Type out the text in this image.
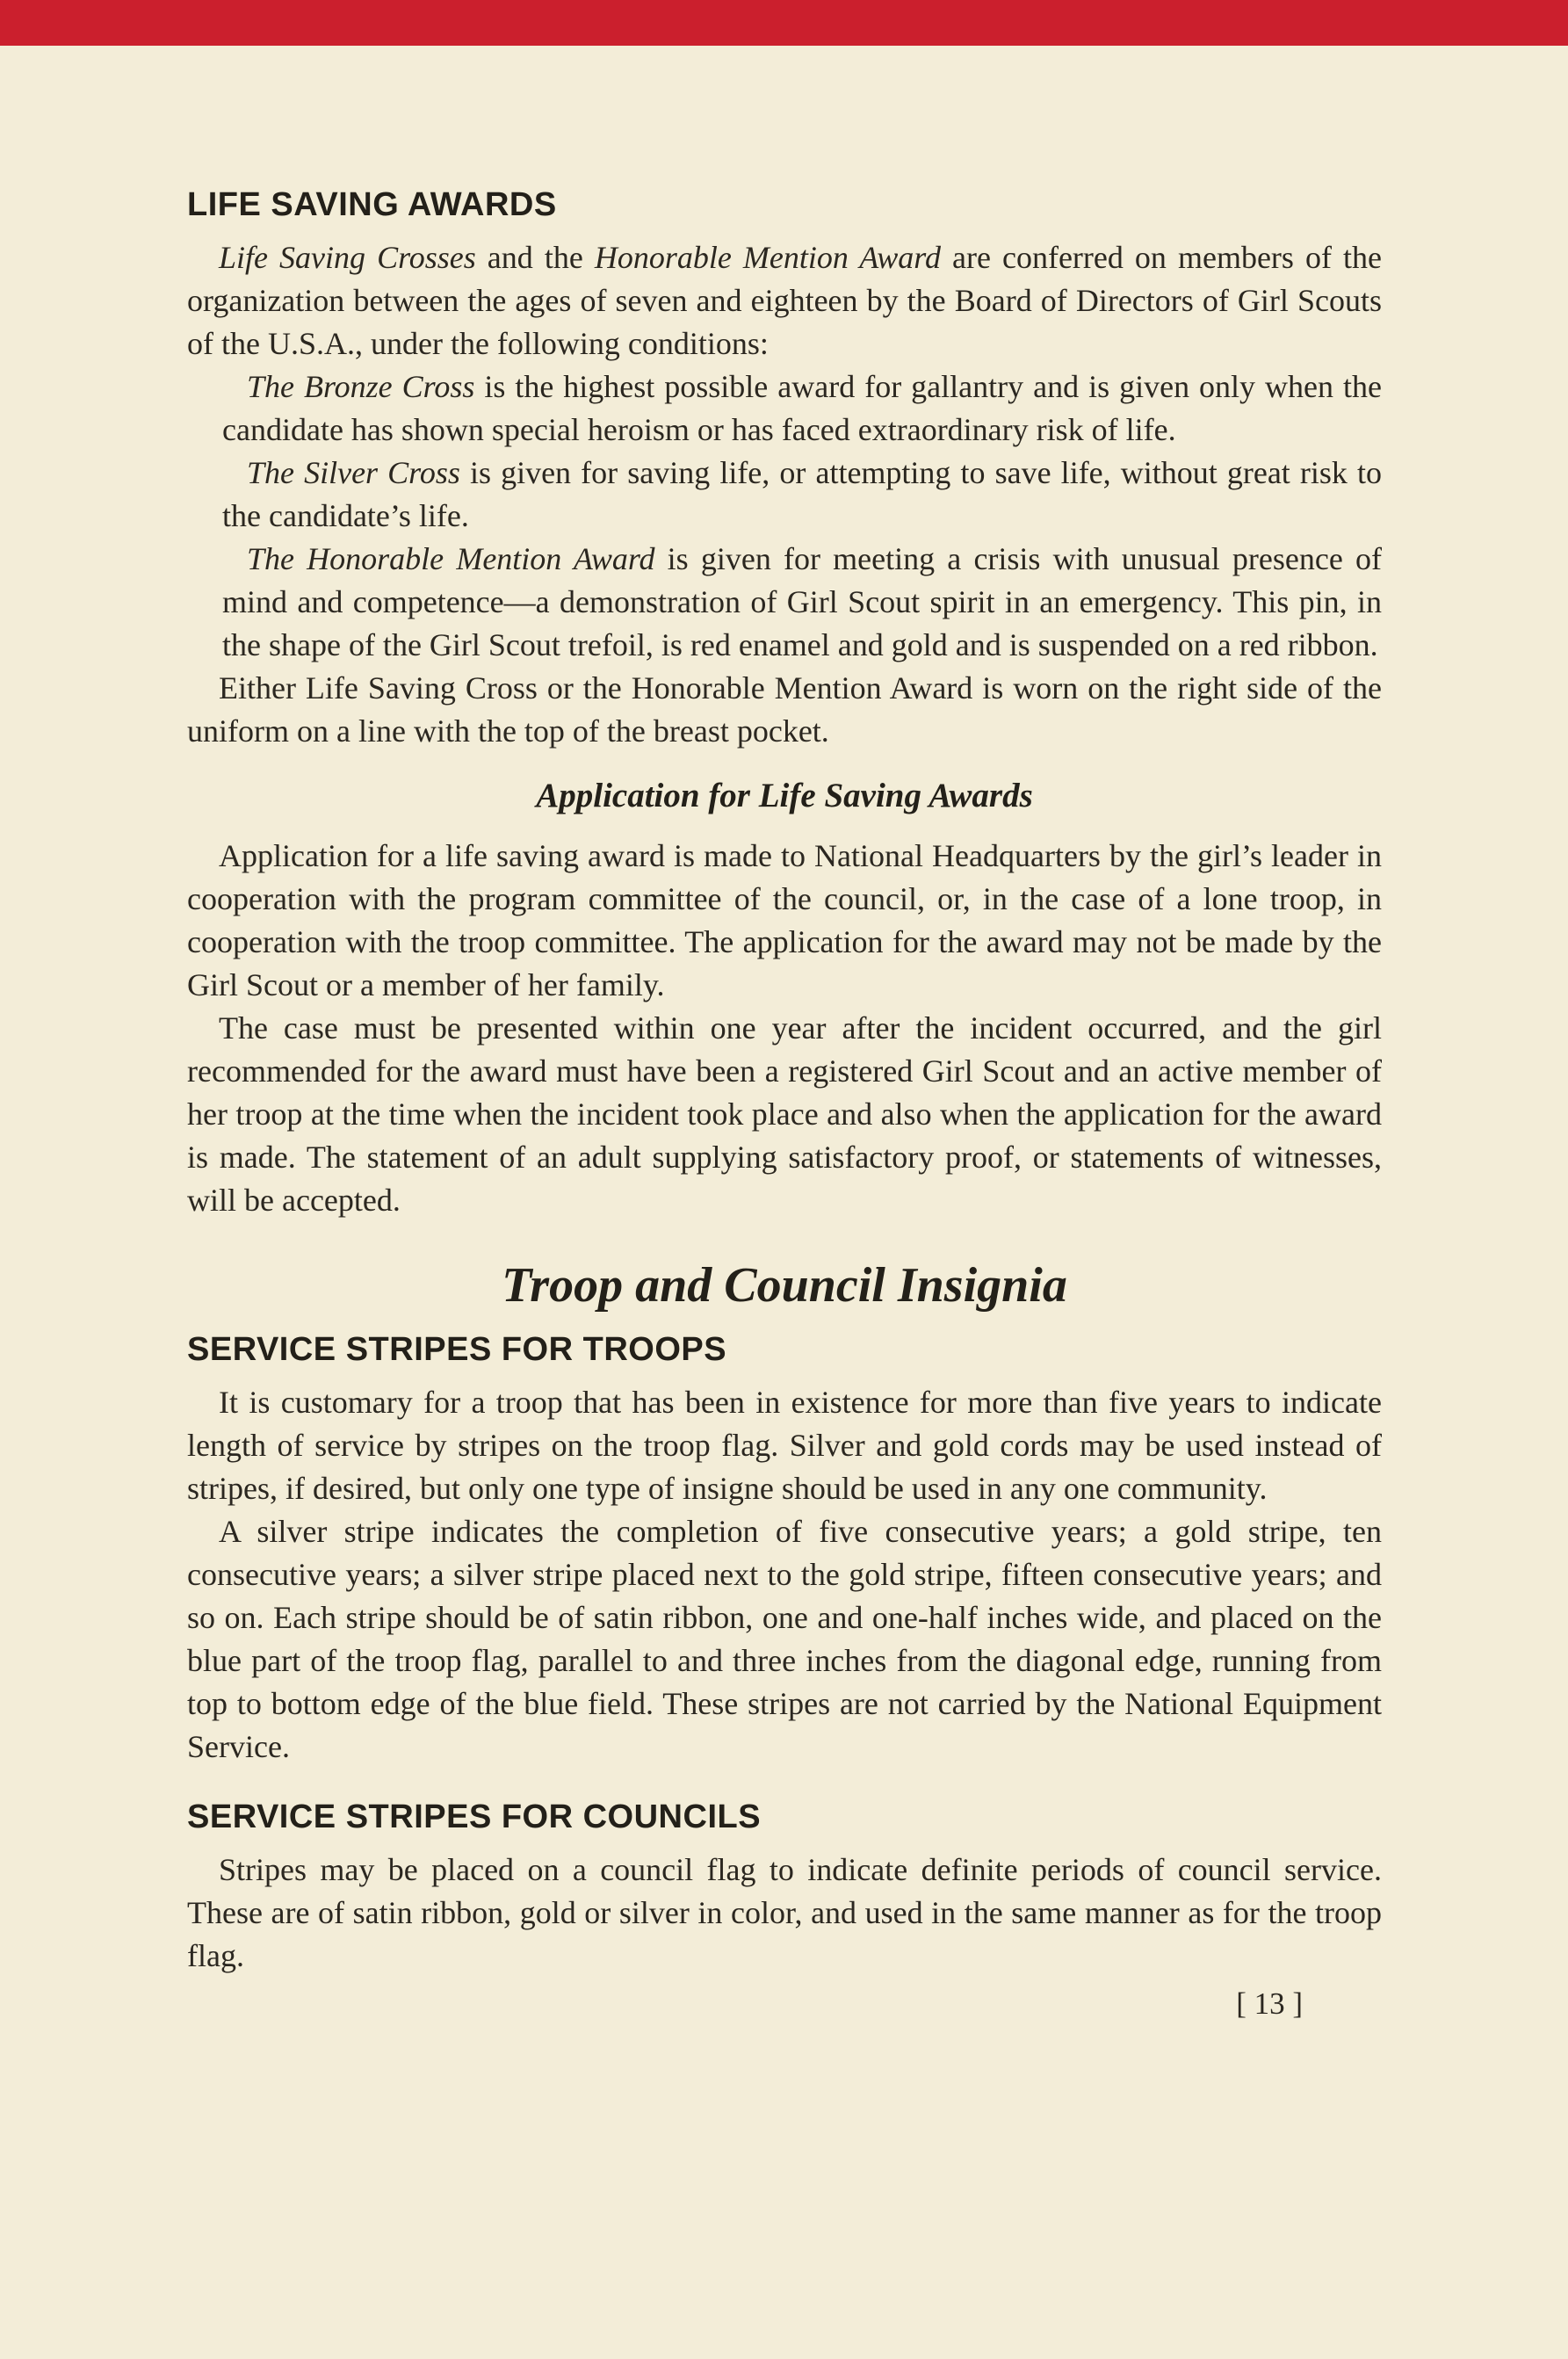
LIFE SAVING AWARDS

Life Saving Crosses and the Honorable Mention Award are conferred on members of the organization between the ages of seven and eighteen by the Board of Directors of Girl Scouts of the U.S.A., under the following conditions:

The Bronze Cross is the highest possible award for gallantry and is given only when the candidate has shown special heroism or has faced extraordinary risk of life.

The Silver Cross is given for saving life, or attempting to save life, without great risk to the candidate’s life.

The Honorable Mention Award is given for meeting a crisis with unusual presence of mind and competence—a demonstration of Girl Scout spirit in an emergency. This pin, in the shape of the Girl Scout trefoil, is red enamel and gold and is suspended on a red ribbon.

Either Life Saving Cross or the Honorable Mention Award is worn on the right side of the uniform on a line with the top of the breast pocket.

Application for Life Saving Awards

Application for a life saving award is made to National Headquarters by the girl’s leader in cooperation with the program committee of the council, or, in the case of a lone troop, in cooperation with the troop committee. The application for the award may not be made by the Girl Scout or a member of her family.

The case must be presented within one year after the incident occurred, and the girl recommended for the award must have been a registered Girl Scout and an active member of her troop at the time when the incident took place and also when the application for the award is made. The statement of an adult supplying satisfactory proof, or statements of witnesses, will be accepted.

Troop and Council Insignia
SERVICE STRIPES FOR TROOPS

It is customary for a troop that has been in existence for more than five years to indicate length of service by stripes on the troop flag. Silver and gold cords may be used instead of stripes, if desired, but only one type of insigne should be used in any one community.

A silver stripe indicates the completion of five consecutive years; a gold stripe, ten consecutive years; a silver stripe placed next to the gold stripe, fifteen consecutive years; and so on. Each stripe should be of satin ribbon, one and one-half inches wide, and placed on the blue part of the troop flag, parallel to and three inches from the diagonal edge, running from top to bottom edge of the blue field. These stripes are not carried by the National Equipment Service.

SERVICE STRIPES FOR COUNCILS

Stripes may be placed on a council flag to indicate definite periods of council service. These are of satin ribbon, gold or silver in color, and used in the same manner as for the troop flag.

[ 13 ]
